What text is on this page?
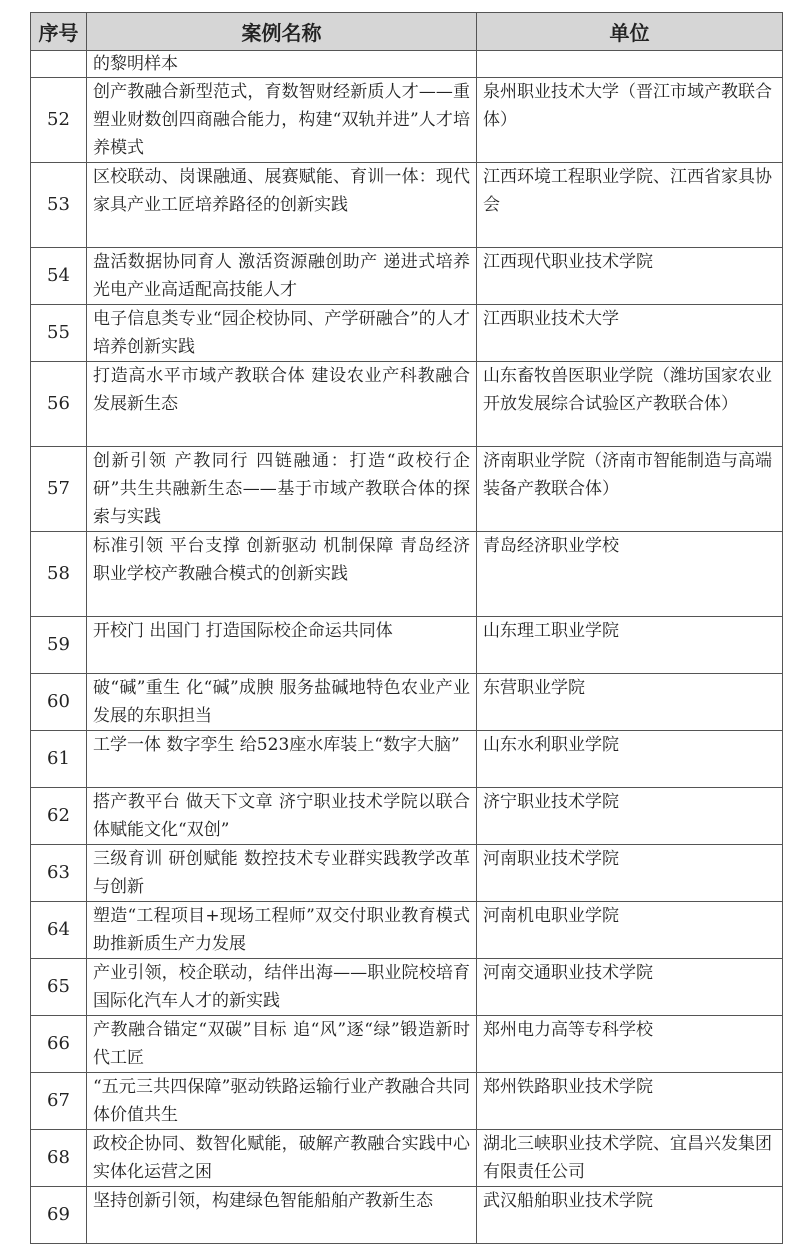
序号	案例名称	单位
	的黎明样本	
52	创产教融合新型范式，育数智财经新质人才——重塑业财数创四商融合能力，构建“双轨并进”人才培养模式	泉州职业技术大学（晋江市域产教联合体）
53	区校联动、岗课融通、展赛赋能、育训一体：现代家具产业工匠培养路径的创新实践	江西环境工程职业学院、江西省家具协会
54	盘活数据协同育人 激活资源融创助产 递进式培养光电产业高适配高技能人才	江西现代职业技术学院
55	电子信息类专业“园企校协同、产学研融合”的人才培养创新实践	江西职业技术大学
56	打造高水平市域产教联合体 建设农业产科教融合发展新生态	山东畜牧兽医职业学院（潍坊国家农业开放发展综合试验区产教联合体）
57	创新引领 产教同行 四链融通：打造“政校行企研”共生共融新生态——基于市域产教联合体的探索与实践	济南职业学院（济南市智能制造与高端装备产教联合体）
58	标准引领 平台支撑 创新驱动 机制保障 青岛经济职业学校产教融合模式的创新实践	青岛经济职业学校
59	开校门 出国门 打造国际校企命运共同体	山东理工职业学院
60	破“碱”重生 化“碱”成腴 服务盐碱地特色农业产业发展的东职担当	东营职业学院
61	工学一体 数字孪生 给523座水库装上“数字大脑”	山东水利职业学院
62	搭产教平台 做天下文章 济宁职业技术学院以联合体赋能文化“双创”	济宁职业技术学院
63	三级育训 研创赋能 数控技术专业群实践教学改革与创新	河南职业技术学院
64	塑造“工程项目+现场工程师”双交付职业教育模式助推新质生产力发展	河南机电职业学院
65	产业引领，校企联动，结伴出海——职业院校培育国际化汽车人才的新实践	河南交通职业技术学院
66	产教融合锚定“双碳”目标 追“风”逐“绿”锻造新时代工匠	郑州电力高等专科学校
67	“五元三共四保障”驱动铁路运输行业产教融合共同体价值共生	郑州铁路职业技术学院
68	政校企协同、数智化赋能，破解产教融合实践中心实体化运营之困	湖北三峡职业技术学院、宜昌兴发集团有限责任公司
69	坚持创新引领，构建绿色智能船舶产教新生态	武汉船舶职业技术学院
